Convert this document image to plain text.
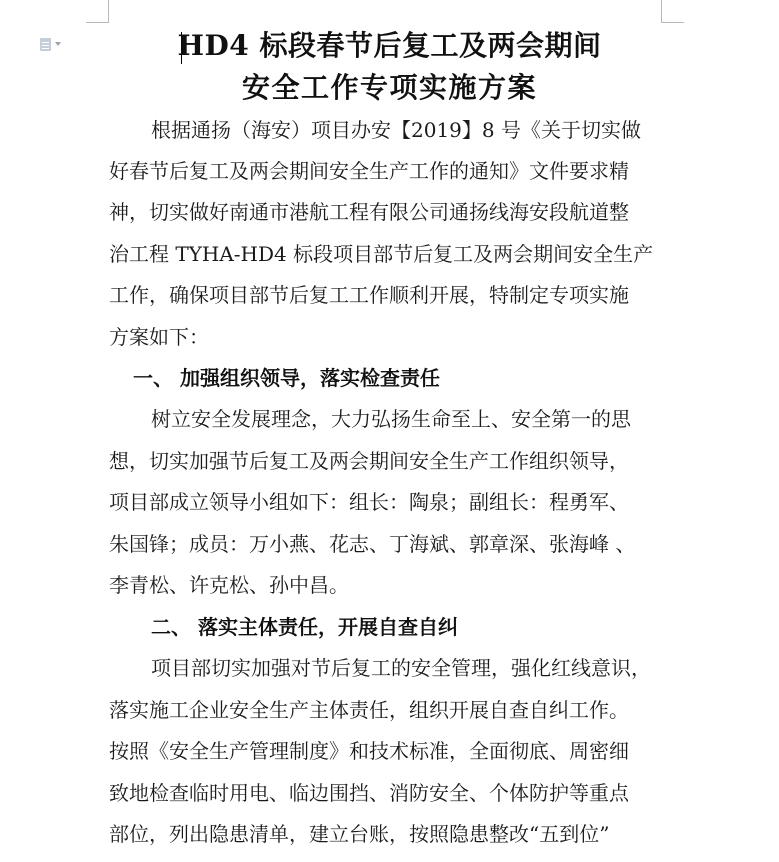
HD4 标段春节后复工及两会期间
安全工作专项实施方案
根据通扬（海安）项目办安【2019】8 号《关于切实做
好春节后复工及两会期间安全生产工作的通知》文件要求精
神，切实做好南通市港航工程有限公司通扬线海安段航道整
治工程 TYHA-HD4 标段项目部节后复工及两会期间安全生产
工作，确保项目部节后复工工作顺利开展，特制定专项实施
方案如下：
一、 加强组织领导，落实检查责任
树立安全发展理念，大力弘扬生命至上、安全第一的思
想，切实加强节后复工及两会期间安全生产工作组织领导，
项目部成立领导小组如下：组长：陶泉；副组长：程勇军、
朱国锋；成员：万小燕、花志、丁海斌、郭章深、张海峰 、
李青松、许克松、孙中昌。
二、 落实主体责任，开展自查自纠
项目部切实加强对节后复工的安全管理，强化红线意识，
落实施工企业安全生产主体责任，组织开展自查自纠工作。
按照《安全生产管理制度》和技术标准，全面彻底、周密细
致地检查临时用电、临边围挡、消防安全、个体防护等重点
部位，列出隐患清单，建立台账，按照隐患整改“五到位”
